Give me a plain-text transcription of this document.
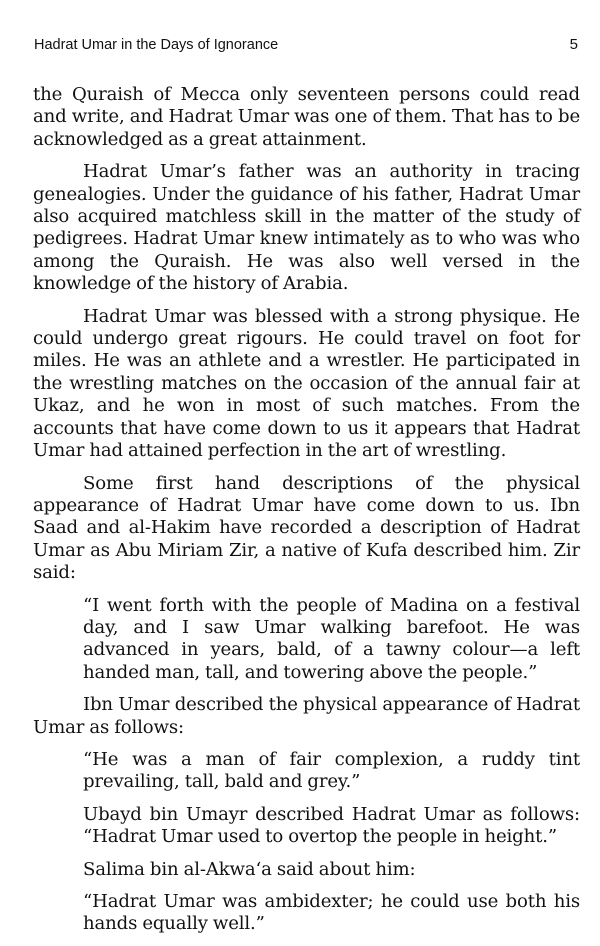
Hadrat Umar in the Days of Ignorance	5

the Quraish of Mecca only seventeen persons could read and write, and Hadrat Umar was one of them. That has to be acknowledged as a great attainment.

Hadrat Umar’s father was an authority in tracing genealogies. Under the guidance of his father, Hadrat Umar also acquired matchless skill in the matter of the study of pedigrees. Hadrat Umar knew intimately as to who was who among the Quraish. He was also well versed in the knowledge of the history of Arabia.

Hadrat Umar was blessed with a strong physique. He could undergo great rigours. He could travel on foot for miles. He was an athlete and a wrestler. He participated in the wrestling matches on the occasion of the annual fair at Ukaz, and he won in most of such matches. From the accounts that have come down to us it appears that Hadrat Umar had attained perfection in the art of wrestling.

Some first hand descriptions of the physical appearance of Hadrat Umar have come down to us. Ibn Saad and al-Hakim have recorded a description of Hadrat Umar as Abu Miriam Zir, a native of Kufa described him. Zir said:

“I went forth with the people of Madina on a festival day, and I saw Umar walking barefoot. He was advanced in years, bald, of a tawny colour—a left handed man, tall, and towering above the people.”

Ibn Umar described the physical appearance of Hadrat Umar as follows:

“He was a man of fair complexion, a ruddy tint prevailing, tall, bald and grey.”

Ubayd bin Umayr described Hadrat Umar as follows: “Hadrat Umar used to overtop the people in height.”

Salima bin al-Akwa‘a said about him:

“Hadrat Umar was ambidexter; he could use both his hands equally well.”
